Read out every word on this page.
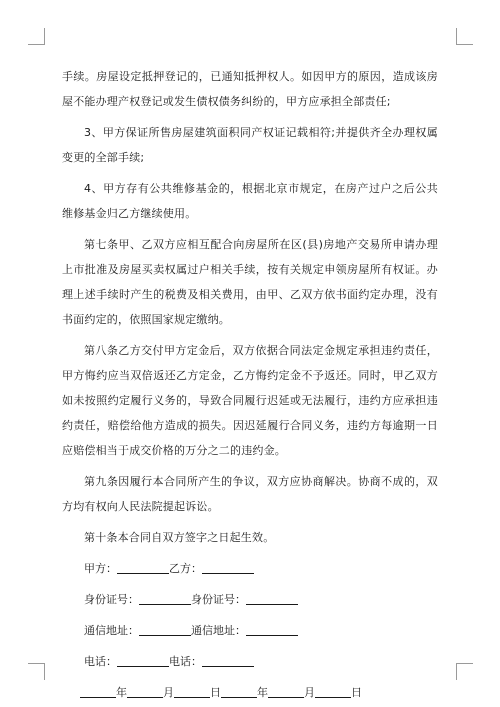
手续。房屋设定抵押登记的，已通知抵押权人。如因甲方的原因，造成该房屋不能办理产权登记或发生债权债务纠纷的，甲方应承担全部责任;

3、甲方保证所售房屋建筑面积同产权证记载相符;并提供齐全办理权属变更的全部手续;

4、甲方存有公共维修基金的，根据北京市规定，在房产过户之后公共维修基金归乙方继续使用。

第七条甲、乙双方应相互配合向房屋所在区(县)房地产交易所申请办理上市批准及房屋买卖权属过户相关手续，按有关规定申领房屋所有权证。办理上述手续时产生的税费及相关费用，由甲、乙双方依书面约定办理，没有书面约定的，依照国家规定缴纳。

第八条乙方交付甲方定金后，双方依据合同法定金规定承担违约责任，甲方悔约应当双倍返还乙方定金，乙方悔约定金不予返还。同时，甲乙双方如未按照约定履行义务的，导致合同履行迟延或无法履行，违约方应承担违约责任，赔偿给他方造成的损失。因迟延履行合同义务，违约方每逾期一日应赔偿相当于成交价格的万分之二的违约金。

第九条因履行本合同所产生的争议，双方应协商解决。协商不成的，双方均有权向人民法院提起诉讼。

第十条本合同自双方签字之日起生效。

甲方：	乙方：
身份证号：	身份证号：
通信地址：	通信地址：
电话：	电话：
年	月	日	年	月	日
